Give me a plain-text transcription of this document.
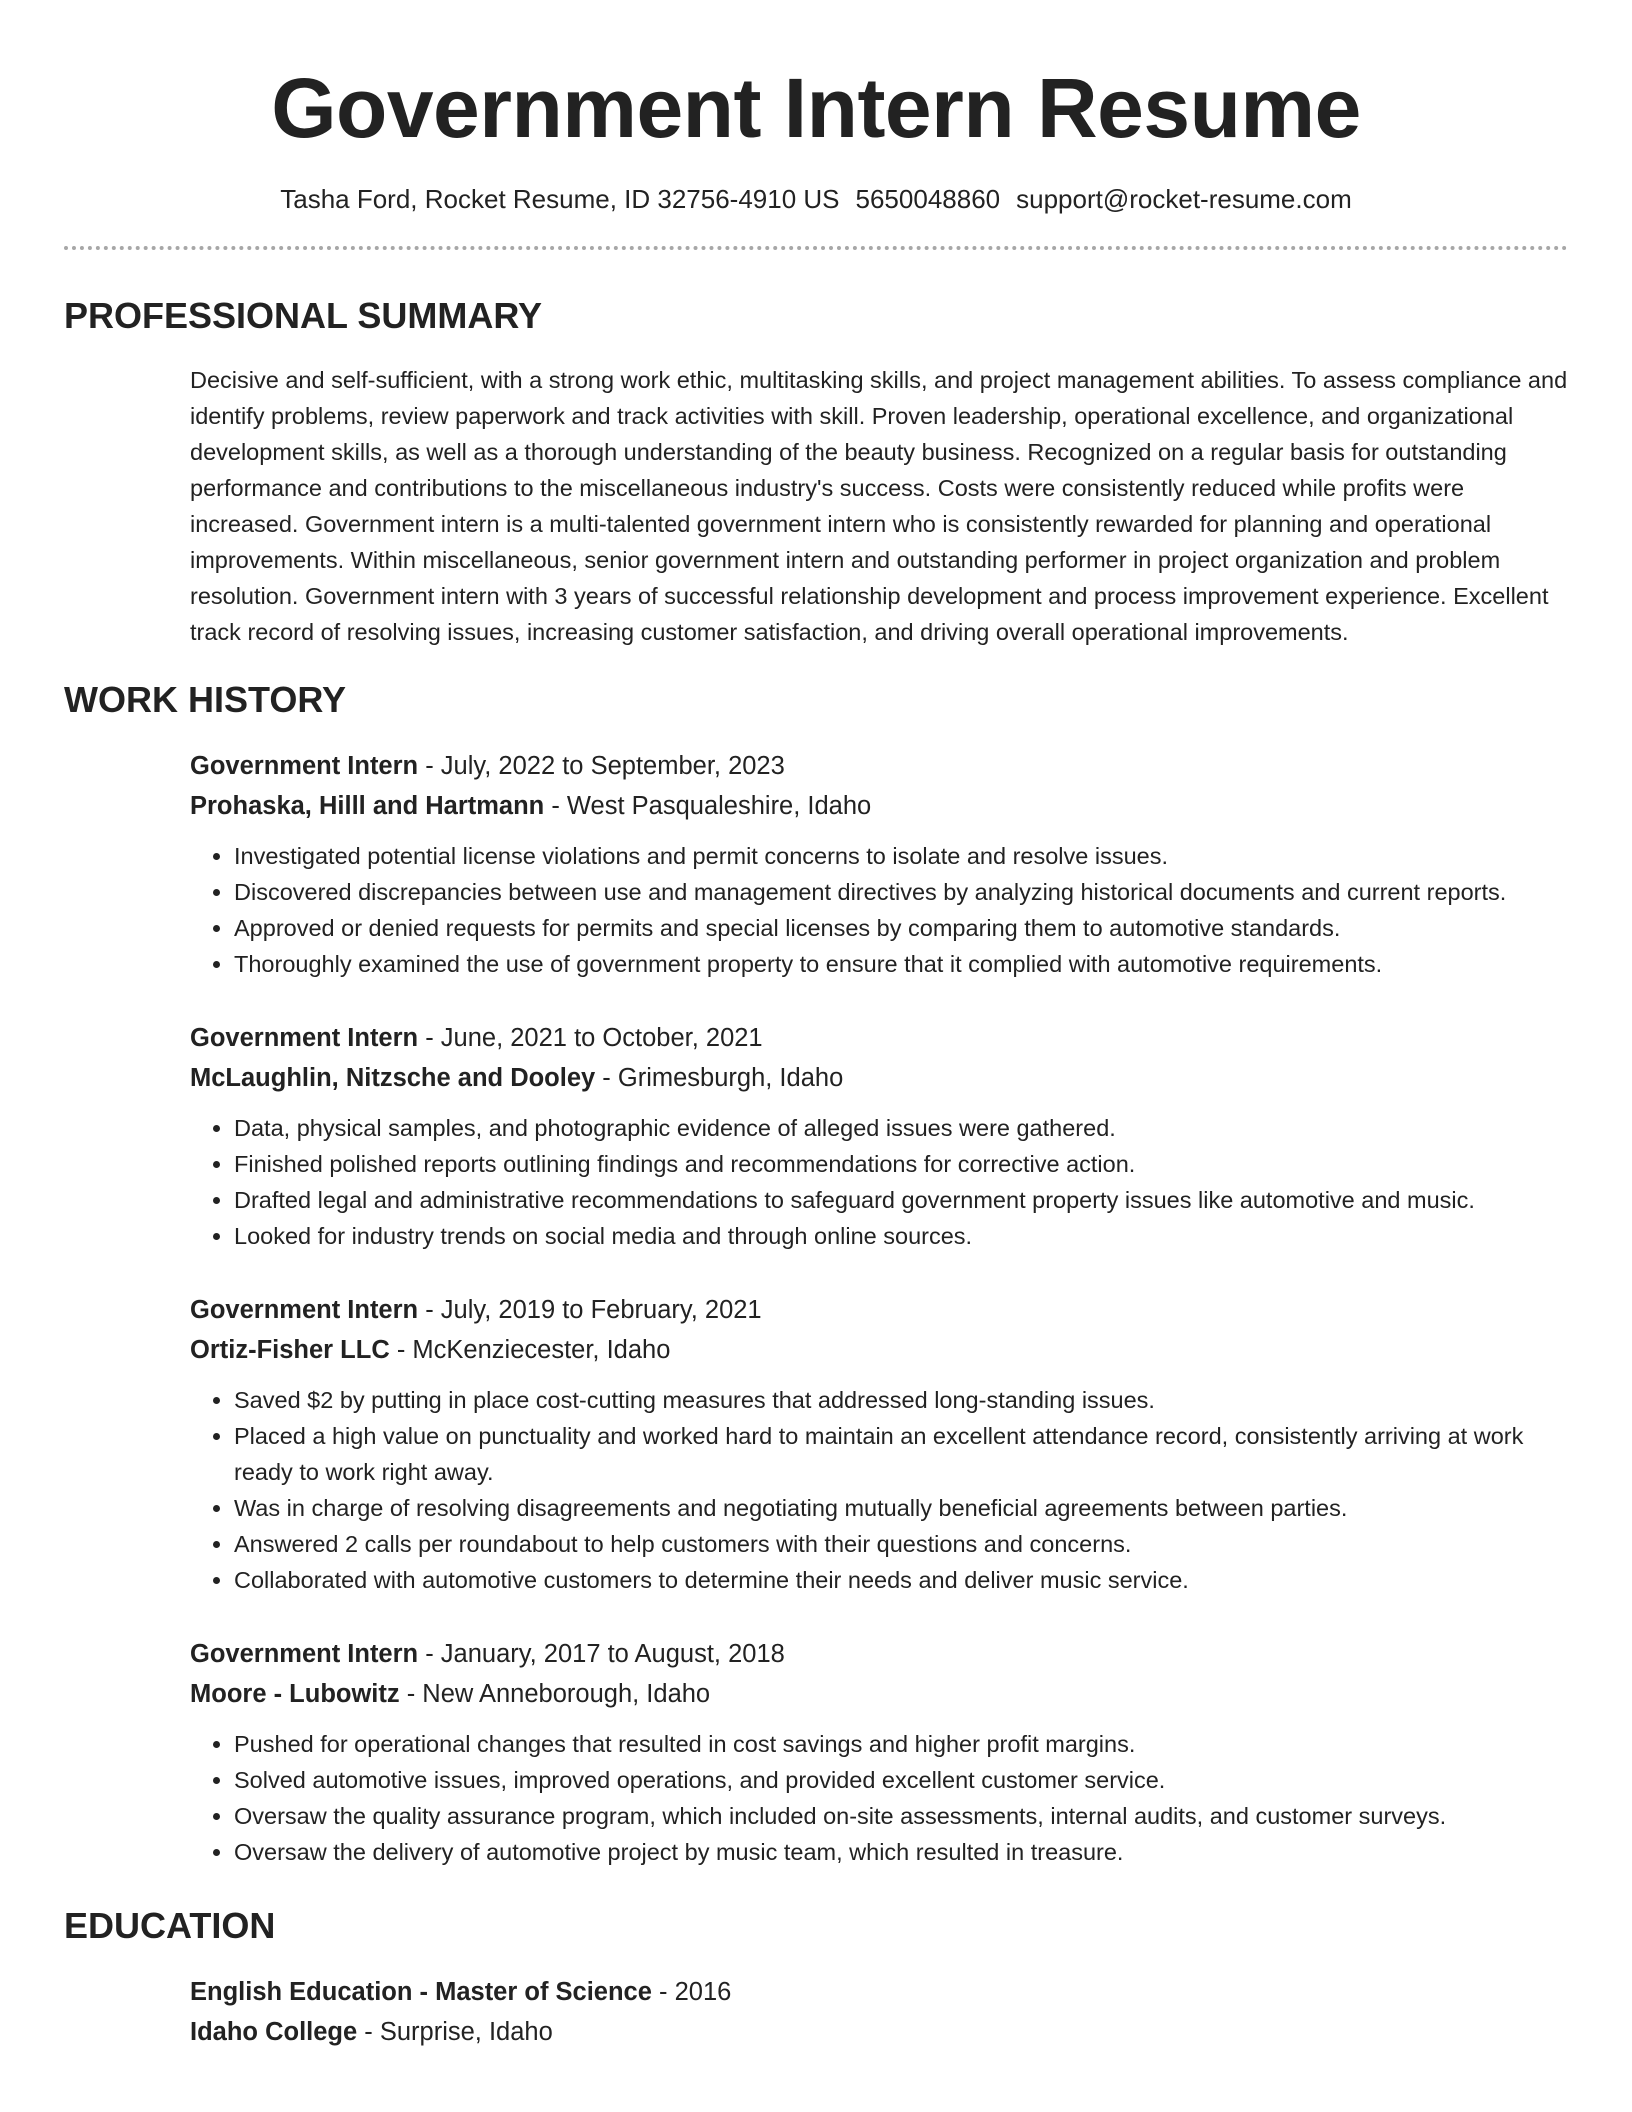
Government Intern Resume
Tasha Ford, Rocket Resume, ID 32756-4910 US 5650048860 support@rocket-resume.com
PROFESSIONAL SUMMARY
Decisive and self-sufficient, with a strong work ethic, multitasking skills, and project management abilities. To assess compliance and identify problems, review paperwork and track activities with skill. Proven leadership, operational excellence, and organizational development skills, as well as a thorough understanding of the beauty business. Recognized on a regular basis for outstanding performance and contributions to the miscellaneous industry's success. Costs were consistently reduced while profits were increased. Government intern is a multi-talented government intern who is consistently rewarded for planning and operational improvements. Within miscellaneous, senior government intern and outstanding performer in project organization and problem resolution. Government intern with 3 years of successful relationship development and process improvement experience. Excellent track record of resolving issues, increasing customer satisfaction, and driving overall operational improvements.
WORK HISTORY
Government Intern - July, 2022 to September, 2023
Prohaska, Hilll and Hartmann - West Pasqualeshire, Idaho
• Investigated potential license violations and permit concerns to isolate and resolve issues.
• Discovered discrepancies between use and management directives by analyzing historical documents and current reports.
• Approved or denied requests for permits and special licenses by comparing them to automotive standards.
• Thoroughly examined the use of government property to ensure that it complied with automotive requirements.
Government Intern - June, 2021 to October, 2021
McLaughlin, Nitzsche and Dooley - Grimesburgh, Idaho
• Data, physical samples, and photographic evidence of alleged issues were gathered.
• Finished polished reports outlining findings and recommendations for corrective action.
• Drafted legal and administrative recommendations to safeguard government property issues like automotive and music.
• Looked for industry trends on social media and through online sources.
Government Intern - July, 2019 to February, 2021
Ortiz-Fisher LLC - McKenziecester, Idaho
• Saved $2 by putting in place cost-cutting measures that addressed long-standing issues.
• Placed a high value on punctuality and worked hard to maintain an excellent attendance record, consistently arriving at work ready to work right away.
• Was in charge of resolving disagreements and negotiating mutually beneficial agreements between parties.
• Answered 2 calls per roundabout to help customers with their questions and concerns.
• Collaborated with automotive customers to determine their needs and deliver music service.
Government Intern - January, 2017 to August, 2018
Moore - Lubowitz - New Anneborough, Idaho
• Pushed for operational changes that resulted in cost savings and higher profit margins.
• Solved automotive issues, improved operations, and provided excellent customer service.
• Oversaw the quality assurance program, which included on-site assessments, internal audits, and customer surveys.
• Oversaw the delivery of automotive project by music team, which resulted in treasure.
EDUCATION
English Education - Master of Science - 2016
Idaho College - Surprise, Idaho
